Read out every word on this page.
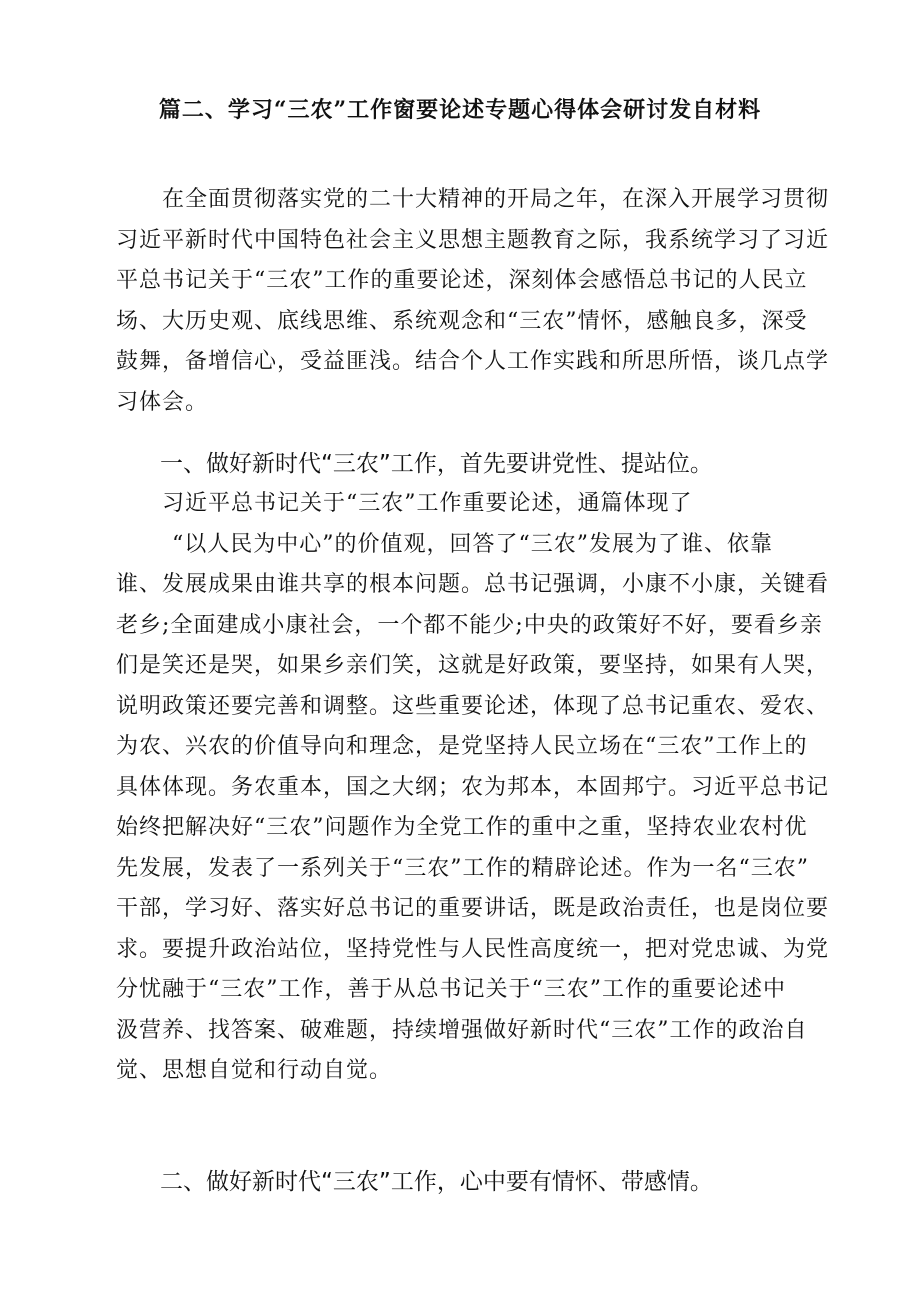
篇二、学习“三农”工作窗要论述专题心得体会研讨发自材料
在全面贯彻落实党的二十大精神的开局之年，在深入开展学习贯彻
习近平新时代中国特色社会主义思想主题教育之际，我系统学习了习近
平总书记关于“三农”工作的重要论述，深刻体会感悟总书记的人民立
场、大历史观、底线思维、系统观念和“三农”情怀，感触良多，深受
鼓舞，备增信心，受益匪浅。结合个人工作实践和所思所悟，谈几点学
习体会。
一、做好新时代“三农”工作，首先要讲党性、提站位。
习近平总书记关于“三农”工作重要论述，通篇体现了
“以人民为中心”的价值观，回答了“三农”发展为了谁、依靠
谁、发展成果由谁共享的根本问题。总书记强调，小康不小康，关键看
老乡;全面建成小康社会，一个都不能少;中央的政策好不好，要看乡亲
们是笑还是哭，如果乡亲们笑，这就是好政策，要坚持，如果有人哭，
说明政策还要完善和调整。这些重要论述，体现了总书记重农、爱农、
为农、兴农的价值导向和理念，是党坚持人民立场在“三农”工作上的
具体体现。务农重本，国之大纲；农为邦本，本固邦宁。习近平总书记
始终把解决好“三农”问题作为全党工作的重中之重，坚持农业农村优
先发展，发表了一系列关于“三农”工作的精辟论述。作为一名“三农”
干部，学习好、落实好总书记的重要讲话，既是政治责任，也是岗位要
求。要提升政治站位，坚持党性与人民性高度统一，把对党忠诚、为党
分忧融于“三农”工作，善于从总书记关于“三农”工作的重要论述中
汲营养、找答案、破难题，持续增强做好新时代“三农”工作的政治自
觉、思想自觉和行动自觉。
二、做好新时代“三农”工作，心中要有情怀、带感情。
